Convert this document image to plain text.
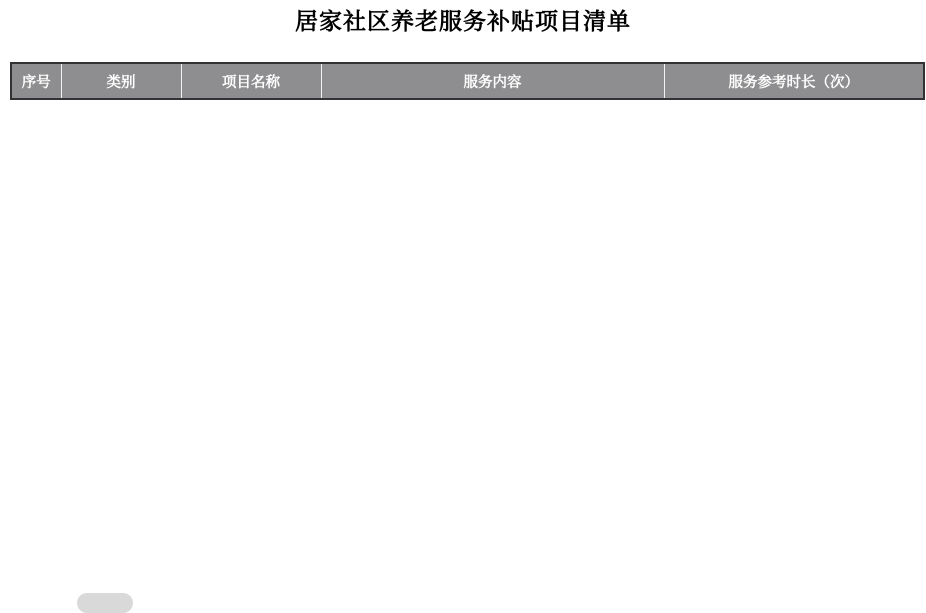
居家社区养老服务补贴项目清单
序号	类别	项目名称	服务内容	服务参考时长（次）
